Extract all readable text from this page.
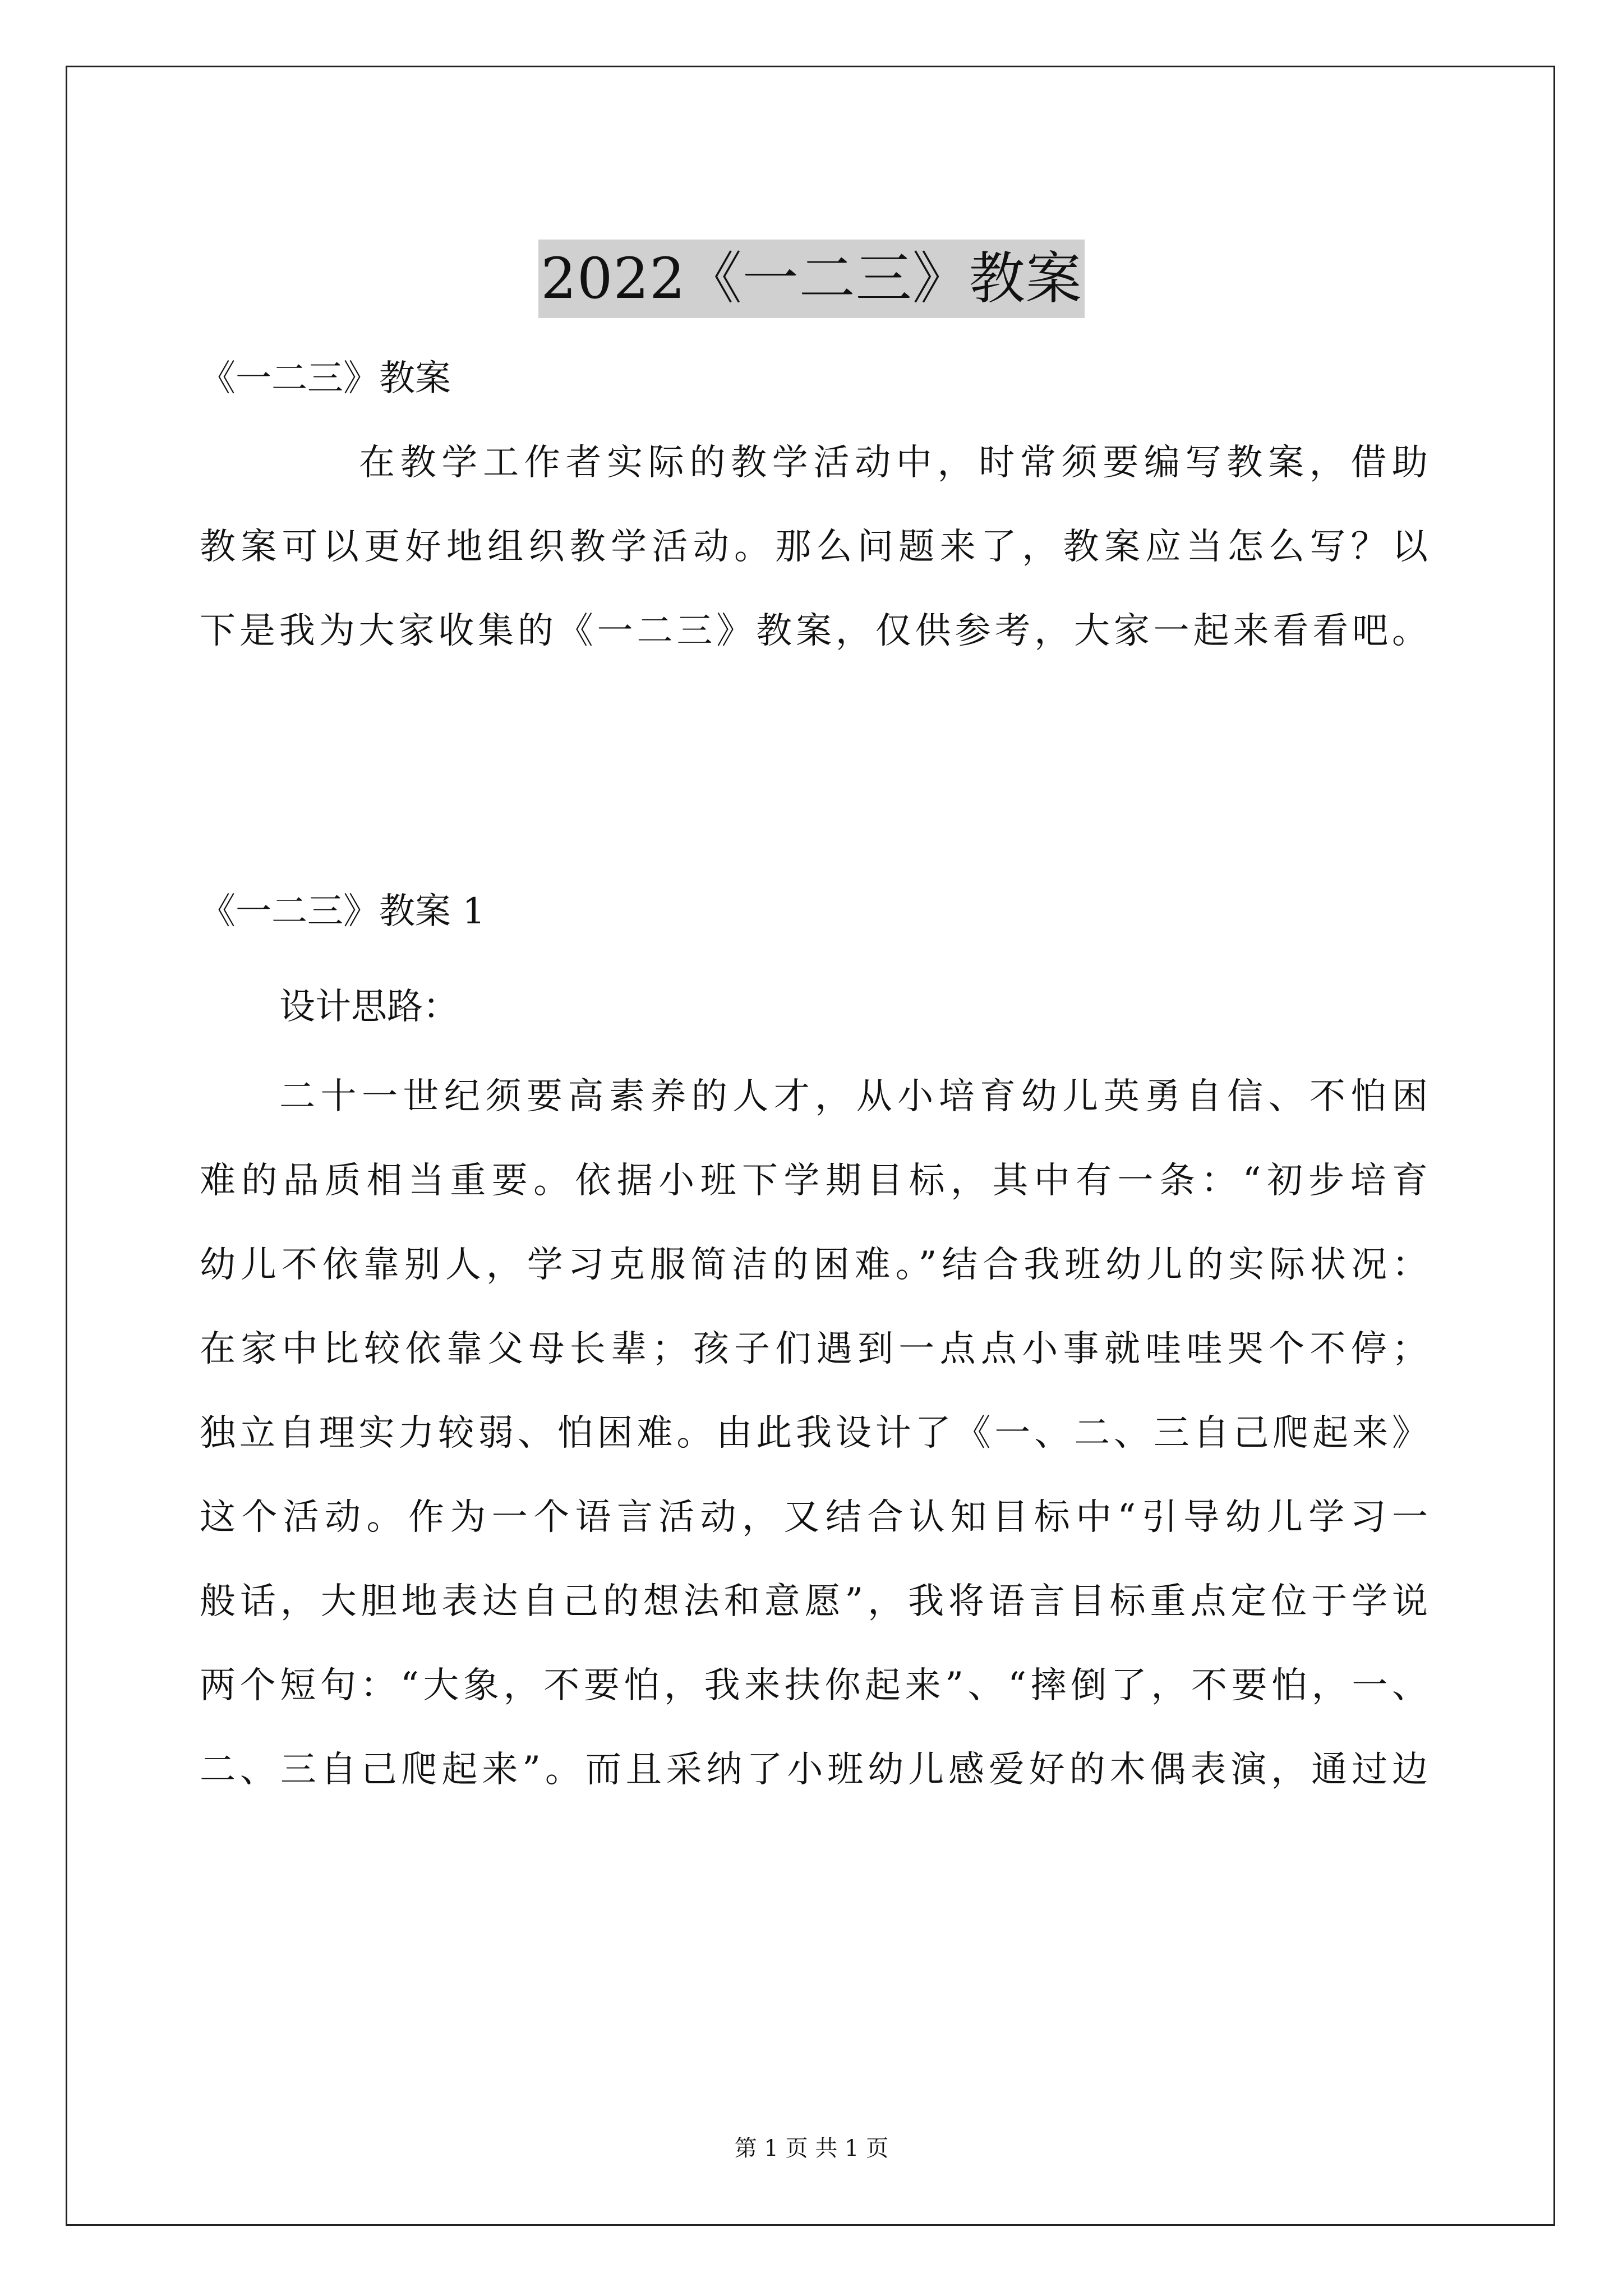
2022《一二三》教案
《一二三》教案
在教学工作者实际的教学活动中，时常须要编写教案，借助
教案可以更好地组织教学活动。那么问题来了，教案应当怎么写？以
下是我为大家收集的《一二三》教案，仅供参考，大家一起来看看吧。
《一二三》教案 1
设计思路：
二十一世纪须要高素养的人才，从小培育幼儿英勇自信、不怕困
难的品质相当重要。依据小班下学期目标，其中有一条：“初步培育
幼儿不依靠别人，学习克服简洁的困难。”结合我班幼儿的实际状况：
在家中比较依靠父母长辈；孩子们遇到一点点小事就哇哇哭个不停；
独立自理实力较弱、怕困难。由此我设计了《一、二、三自己爬起来》
这个活动。作为一个语言活动，又结合认知目标中“引导幼儿学习一
般话，大胆地表达自己的想法和意愿”，我将语言目标重点定位于学说
两个短句：“大象，不要怕，我来扶你起来”、“摔倒了，不要怕，一、
二、三自己爬起来”。而且采纳了小班幼儿感爱好的木偶表演，通过边
第 1 页 共 1 页
